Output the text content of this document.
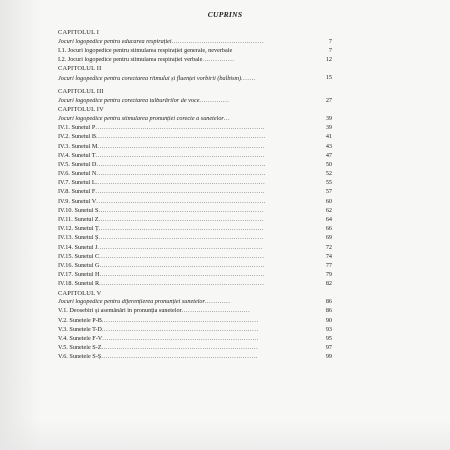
CUPRINS
CAPITOLUL I
Jocuri logopedice pentru educarea respirației...........................................	7
I.1. Jocuri logopedice pentru stimularea respirației generale, neverbale	7
I.2. Jocuri logopedice pentru stimularea respirației verbale...............	12
CAPITOLUL II
Jocuri logopedice pentru corectarea ritmului și fluenței vorbirii (balbism).......	15
CAPITOLUL III
Jocuri logopedice pentru corectarea tulburărilor de voce..............	27
CAPITOLUL IV
Jocuri logopedice pentru stimularea pronunției corecte a sunetelor...	39
IV.1. Sunetul P...............................................................................	39
IV.2. Sunetul B...............................................................................	41
IV.3. Sunetul M..............................................................................	43
IV.4. Sunetul T...............................................................................	47
IV.5. Sunetul D...............................................................................	50
IV.6. Sunetul N...............................................................................	52
IV.7. Sunetul L...............................................................................	55
IV.8. Sunetul F...............................................................................	57
IV.9. Sunetul V...............................................................................	60
IV.10. Sunetul S.............................................................................	62
IV.11. Sunetul Z.............................................................................	64
IV.12. Sunetul Ț.............................................................................	66
IV.13. Sunetul Ș.............................................................................	69
IV.14. Sunetul J.............................................................................	72
IV.15. Sunetul C.............................................................................	74
IV.16. Sunetul G.............................................................................	77
IV.17. Sunetul H.............................................................................	79
IV.18. Sunetul R.............................................................................	82
CAPITOLUL V
Jocuri logopedice pentru diferențierea pronunției sunetelor............	86
V.1. Deosebiri și asemănări în pronunția sunetelor................................	86
V.2. Sunetele P-B.........................................................................	90
V.3. Sunetele T-D.........................................................................	93
V.4. Sunetele F-V.........................................................................	95
V.5. Sunetele S-Z.........................................................................	97
V.6. Sunetele S-Ș.........................................................................	99
